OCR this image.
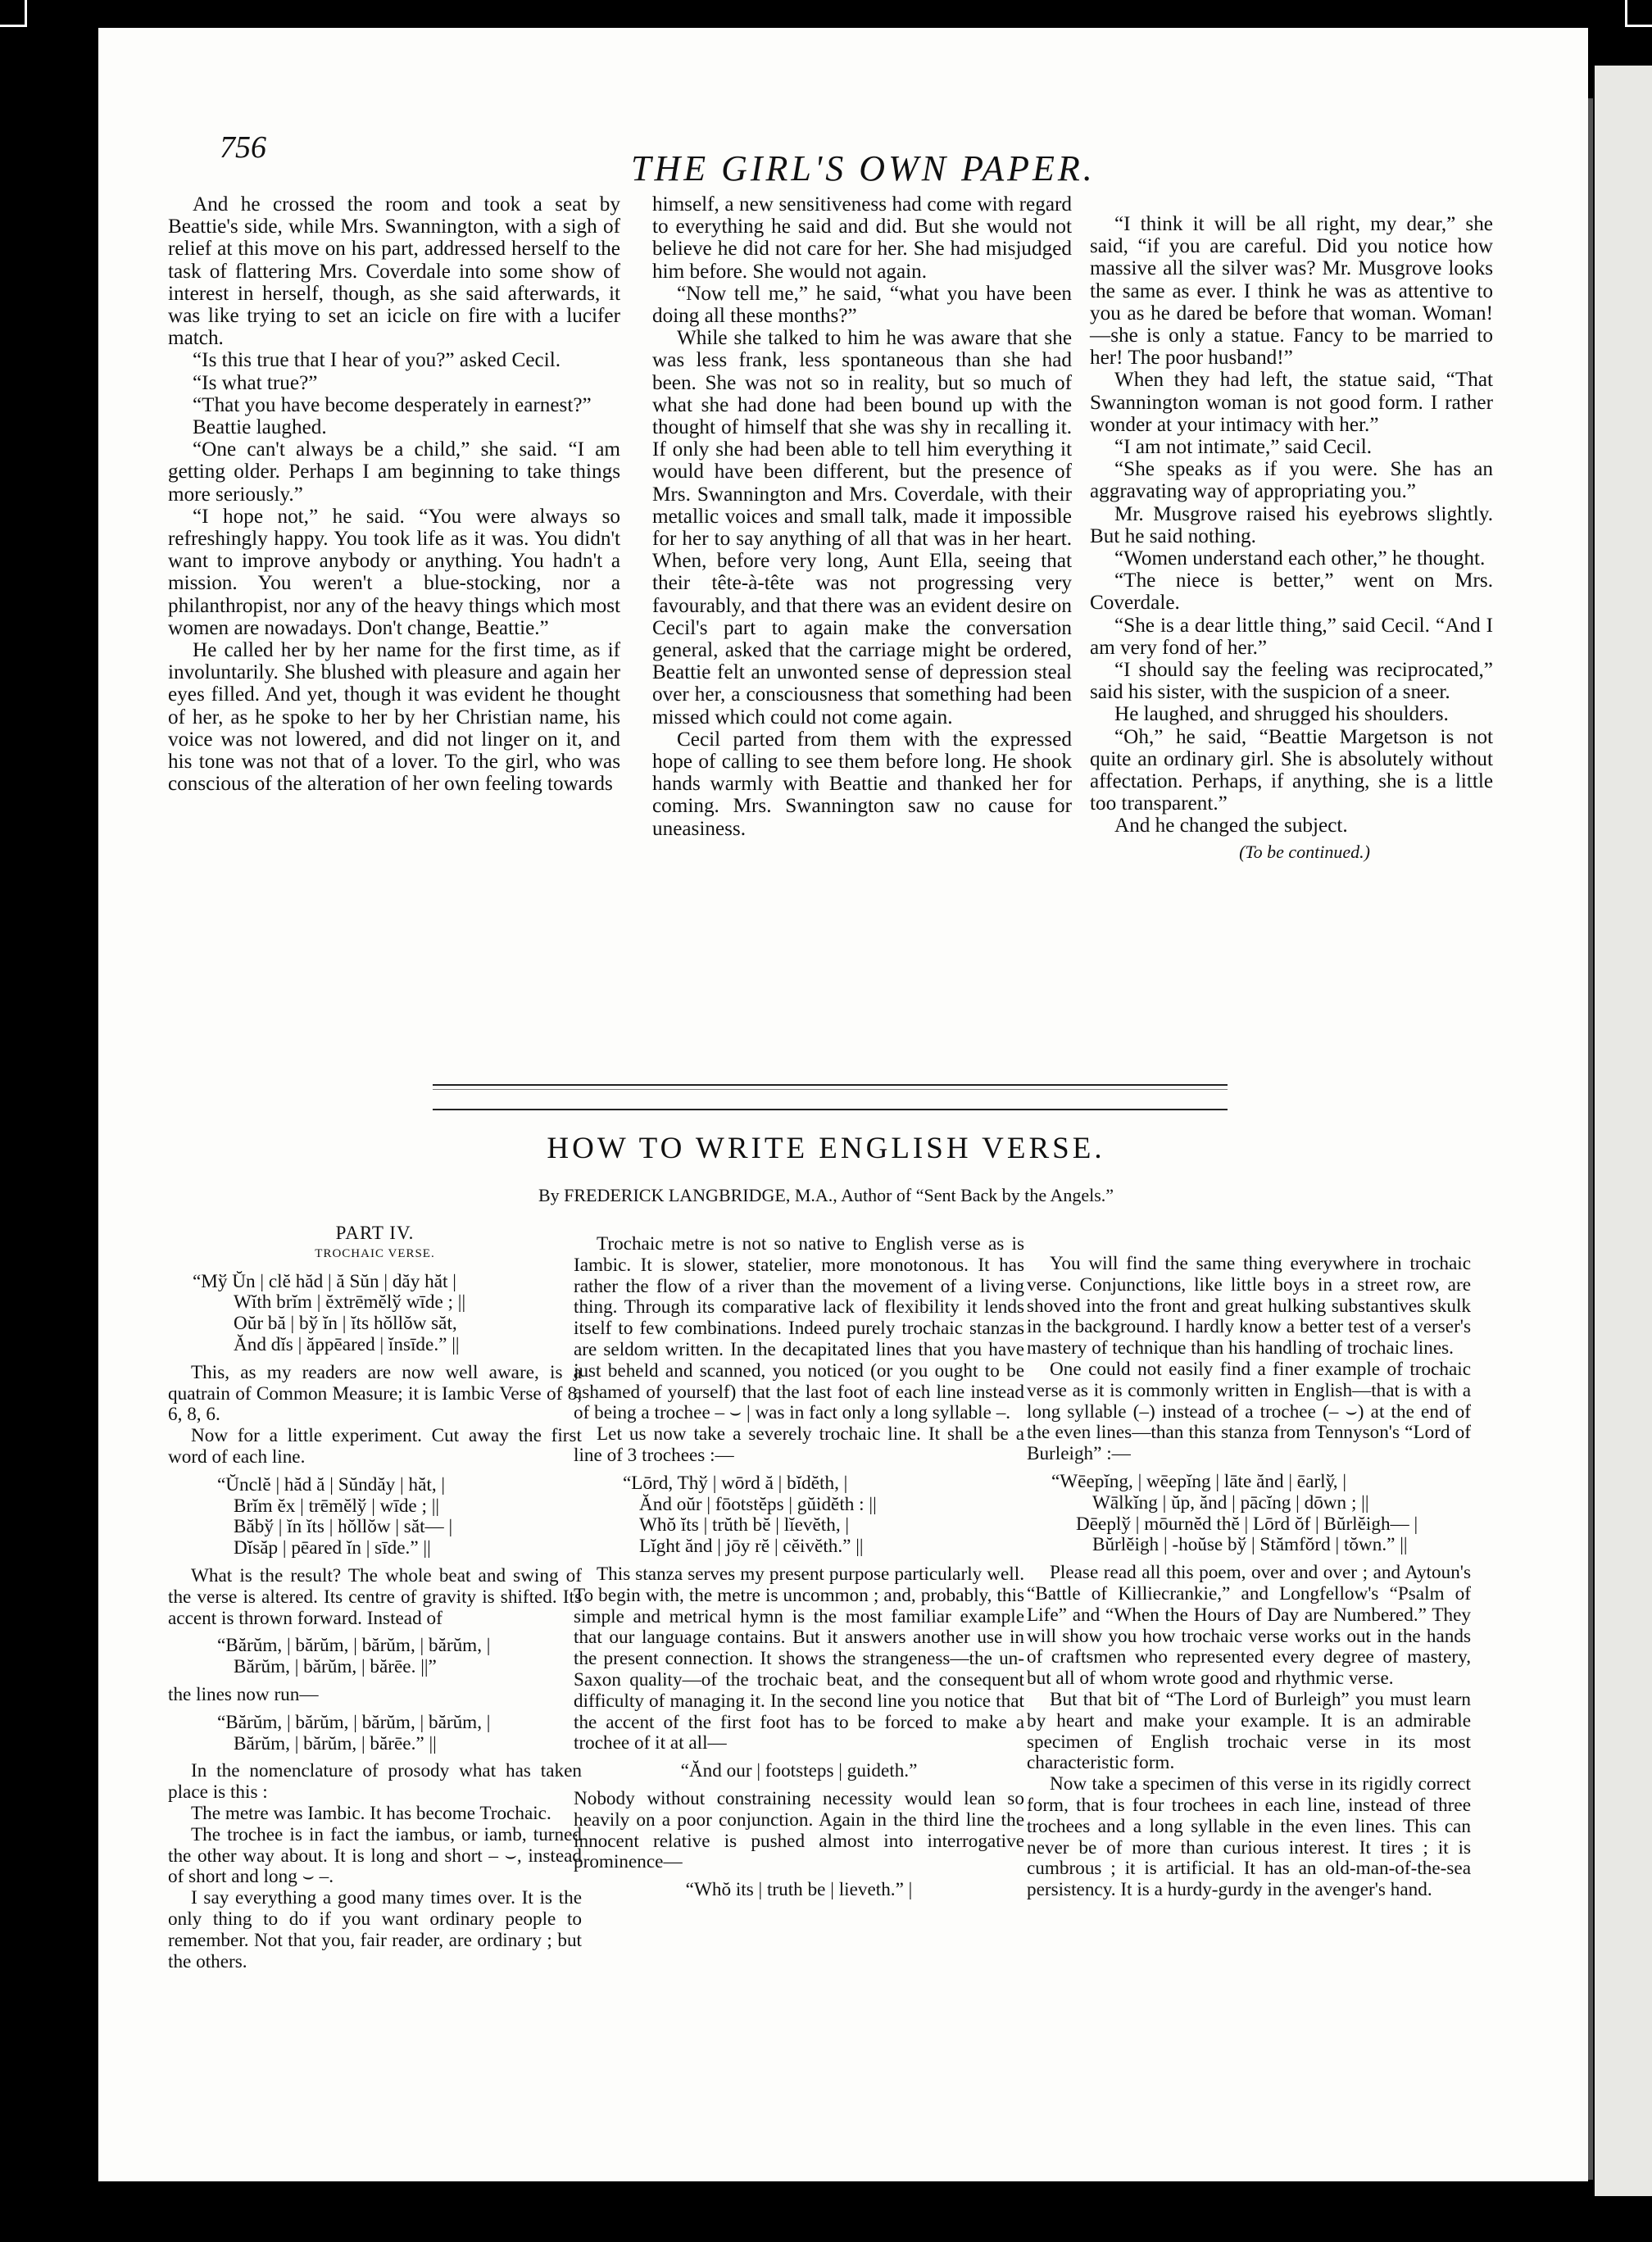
756
THE GIRL'S OWN PAPER.

And he crossed the room and took a seat by Beattie's side, while Mrs. Swannington, with a sigh of relief at this move on his part, addressed herself to the task of flattering Mrs. Coverdale into some show of interest in herself, though, as she said afterwards, it was like trying to set an icicle on fire with a lucifer match.

“Is this true that I hear of you?” asked Cecil.

“Is what true?”

“That you have become desperately in earnest?”

Beattie laughed.

“One can't always be a child,” she said. “I am getting older. Perhaps I am beginning to take things more seriously.”

“I hope not,” he said. “You were always so refreshingly happy. You took life as it was. You didn't want to improve anybody or anything. You hadn't a mission. You weren't a blue-stocking, nor a philanthropist, nor any of the heavy things which most women are nowadays. Don't change, Beattie.”

He called her by her name for the first time, as if involuntarily. She blushed with pleasure and again her eyes filled. And yet, though it was evident he thought of her, as he spoke to her by her Christian name, his voice was not lowered, and did not linger on it, and his tone was not that of a lover. To the girl, who was conscious of the alteration of her own feeling towards

himself, a new sensitiveness had come with regard to everything he said and did. But she would not believe he did not care for her. She had misjudged him before. She would not again.

“Now tell me,” he said, “what you have been doing all these months?”

While she talked to him he was aware that she was less frank, less spontaneous than she had been. She was not so in reality, but so much of what she had done had been bound up with the thought of himself that she was shy in recalling it. If only she had been able to tell him everything it would have been different, but the presence of Mrs. Swannington and Mrs. Coverdale, with their metallic voices and small talk, made it impossible for her to say anything of all that was in her heart. When, before very long, Aunt Ella, seeing that their tête-à-tête was not progressing very favourably, and that there was an evident desire on Cecil's part to again make the conversation general, asked that the carriage might be ordered, Beattie felt an unwonted sense of depression steal over her, a consciousness that something had been missed which could not come again.

Cecil parted from them with the expressed hope of calling to see them before long. He shook hands warmly with Beattie and thanked her for coming. Mrs. Swannington saw no cause for uneasiness.

“I think it will be all right, my dear,” she said, “if you are careful. Did you notice how massive all the silver was? Mr. Musgrove looks the same as ever. I think he was as attentive to you as he dared be before that woman. Woman!—she is only a statue. Fancy to be married to her! The poor husband!”

When they had left, the statue said, “That Swannington woman is not good form. I rather wonder at your intimacy with her.”

“I am not intimate,” said Cecil.

“She speaks as if you were. She has an aggravating way of appropriating you.”

Mr. Musgrove raised his eyebrows slightly. But he said nothing.

“Women understand each other,” he thought.

“The niece is better,” went on Mrs. Coverdale.

“She is a dear little thing,” said Cecil. “And I am very fond of her.”

“I should say the feeling was reciprocated,” said his sister, with the suspicion of a sneer.

He laughed, and shrugged his shoulders.

“Oh,” he said, “Beattie Margetson is not quite an ordinary girl. She is absolutely without affectation. Perhaps, if anything, she is a little too transparent.”

And he changed the subject.

(To be continued.)

HOW TO WRITE ENGLISH VERSE.
By FREDERICK LANGBRIDGE, M.A., Author of “Sent Back by the Angels.”

PART IV.

TROCHAIC VERSE.

“Mў Ŭn | clĕ hăd | ă Sŭn | dăy hăt |
Wĭth brĭm | ĕxtrēmĕlў wīde ; ||
Oŭr bă | bў ĭn | ĭts hŏllŏw săt,
Ănd dĭs | ăppēared | ĭnsīde.” ||

This, as my readers are now well aware, is a quatrain of Common Measure; it is Iambic Verse of 8, 6, 8, 6.

Now for a little experiment. Cut away the first word of each line.

“Ŭnclĕ | hăd ă | Sŭndăy | hăt, |
Brĭm ĕx | trēmĕlў | wīde ; ||
Băbў | ĭn ĭts | hŏllŏw | săt— |
Dĭsăp | pēared ĭn | sīde.” ||

What is the result? The whole beat and swing of the verse is altered. Its centre of gravity is shifted. Its accent is thrown forward. Instead of

“Bărŭm, | bărŭm, | bărŭm, | bărŭm, |
Bărŭm, | bărŭm, | bărēe. ||”

the lines now run—

“Bărŭm, | bărŭm, | bărŭm, | bărŭm, |
Bărŭm, | bărŭm, | bărēe.” ||

In the nomenclature of prosody what has taken place is this :

The metre was Iambic. It has become Trochaic.

The trochee is in fact the iambus, or iamb, turned the other way about. It is long and short – ⌣, instead of short and long ⌣ –.

I say everything a good many times over. It is the only thing to do if you want ordinary people to remember. Not that you, fair reader, are ordinary ; but the others.

Trochaic metre is not so native to English verse as is Iambic. It is slower, statelier, more monotonous. It has rather the flow of a river than the movement of a living thing. Through its comparative lack of flexibility it lends itself to few combinations. Indeed purely trochaic stanzas are seldom written. In the decapitated lines that you have just beheld and scanned, you noticed (or you ought to be ashamed of yourself) that the last foot of each line instead of being a trochee – ⌣ | was in fact only a long syllable –.

Let us now take a severely trochaic line. It shall be a line of 3 trochees :—

“Lōrd, Thў | wōrd ă | bĭdĕth, |
Ănd oŭr | fōotstĕps | gŭidĕth : ||
Whŏ ĭts | trŭth bĕ | lĭevĕth, |
Lĭght ănd | jōy rĕ | cĕivĕth.” ||

This stanza serves my present purpose particularly well. To begin with, the metre is uncommon ; and, probably, this simple and metrical hymn is the most familiar example that our language contains. But it answers another use in the present connection. It shows the strangeness—the un-Saxon quality—of the trochaic beat, and the consequent difficulty of managing it. In the second line you notice that the accent of the first foot has to be forced to make a trochee of it at all—

“Ănd our | footsteps | guideth.”

Nobody without constraining necessity would lean so heavily on a poor conjunction. Again in the third line the innocent relative is pushed almost into interrogative prominence—

“Whŏ its | truth be | lieveth.” |

You will find the same thing everywhere in trochaic verse. Conjunctions, like little boys in a street row, are shoved into the front and great hulking substantives skulk in the background. I hardly know a better test of a verser's mastery of technique than his handling of trochaic lines.

One could not easily find a finer example of trochaic verse as it is commonly written in English—that is with a long syllable (–) instead of a trochee (– ⌣) at the end of the even lines—than this stanza from Tennyson's “Lord of Burleigh” :—

“Wēepĭng, | wēepĭng | lāte ănd | ēarlў, |
Wālkĭng | ŭp, ănd | pācĭng | dōwn ; ||
Dēeplў | mōurnĕd thĕ | Lōrd ŏf | Bŭrlĕigh— |
Bŭrlĕigh | -hoŭse bў | Stămfŏrd | tŏwn.” ||

Please read all this poem, over and over ; and Aytoun's “Battle of Killiecrankie,” and Longfellow's “Psalm of Life” and “When the Hours of Day are Numbered.” They will show you how trochaic verse works out in the hands of craftsmen who represented every degree of mastery, but all of whom wrote good and rhythmic verse.

But that bit of “The Lord of Burleigh” you must learn by heart and make your example. It is an admirable specimen of English trochaic verse in its most characteristic form.

Now take a specimen of this verse in its rigidly correct form, that is four trochees in each line, instead of three trochees and a long syllable in the even lines. This can never be of more than curious interest. It tires ; it is cumbrous ; it is artificial. It has an old-man-of-the-sea persistency. It is a hurdy-gurdy in the avenger's hand.
